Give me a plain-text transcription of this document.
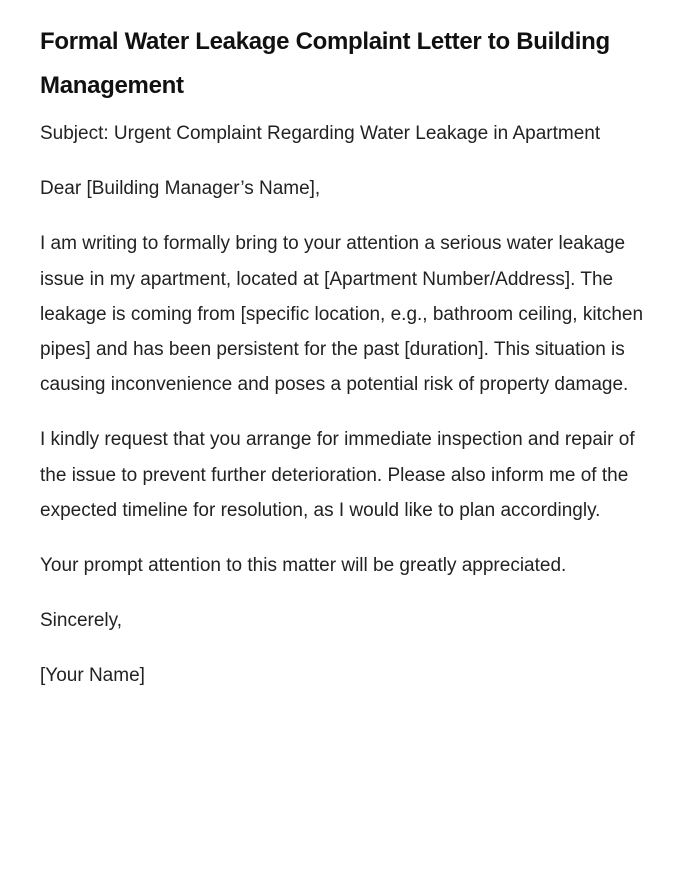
Formal Water Leakage Complaint Letter to Building Management

Subject: Urgent Complaint Regarding Water Leakage in Apartment

Dear [Building Manager’s Name],

I am writing to formally bring to your attention a serious water leakage issue in my apartment, located at [Apartment Number/Address]. The leakage is coming from [specific location, e.g., bathroom ceiling, kitchen pipes] and has been persistent for the past [duration]. This situation is causing inconvenience and poses a potential risk of property damage.

I kindly request that you arrange for immediate inspection and repair of the issue to prevent further deterioration. Please also inform me of the expected timeline for resolution, as I would like to plan accordingly.

Your prompt attention to this matter will be greatly appreciated.

Sincerely,

[Your Name]
